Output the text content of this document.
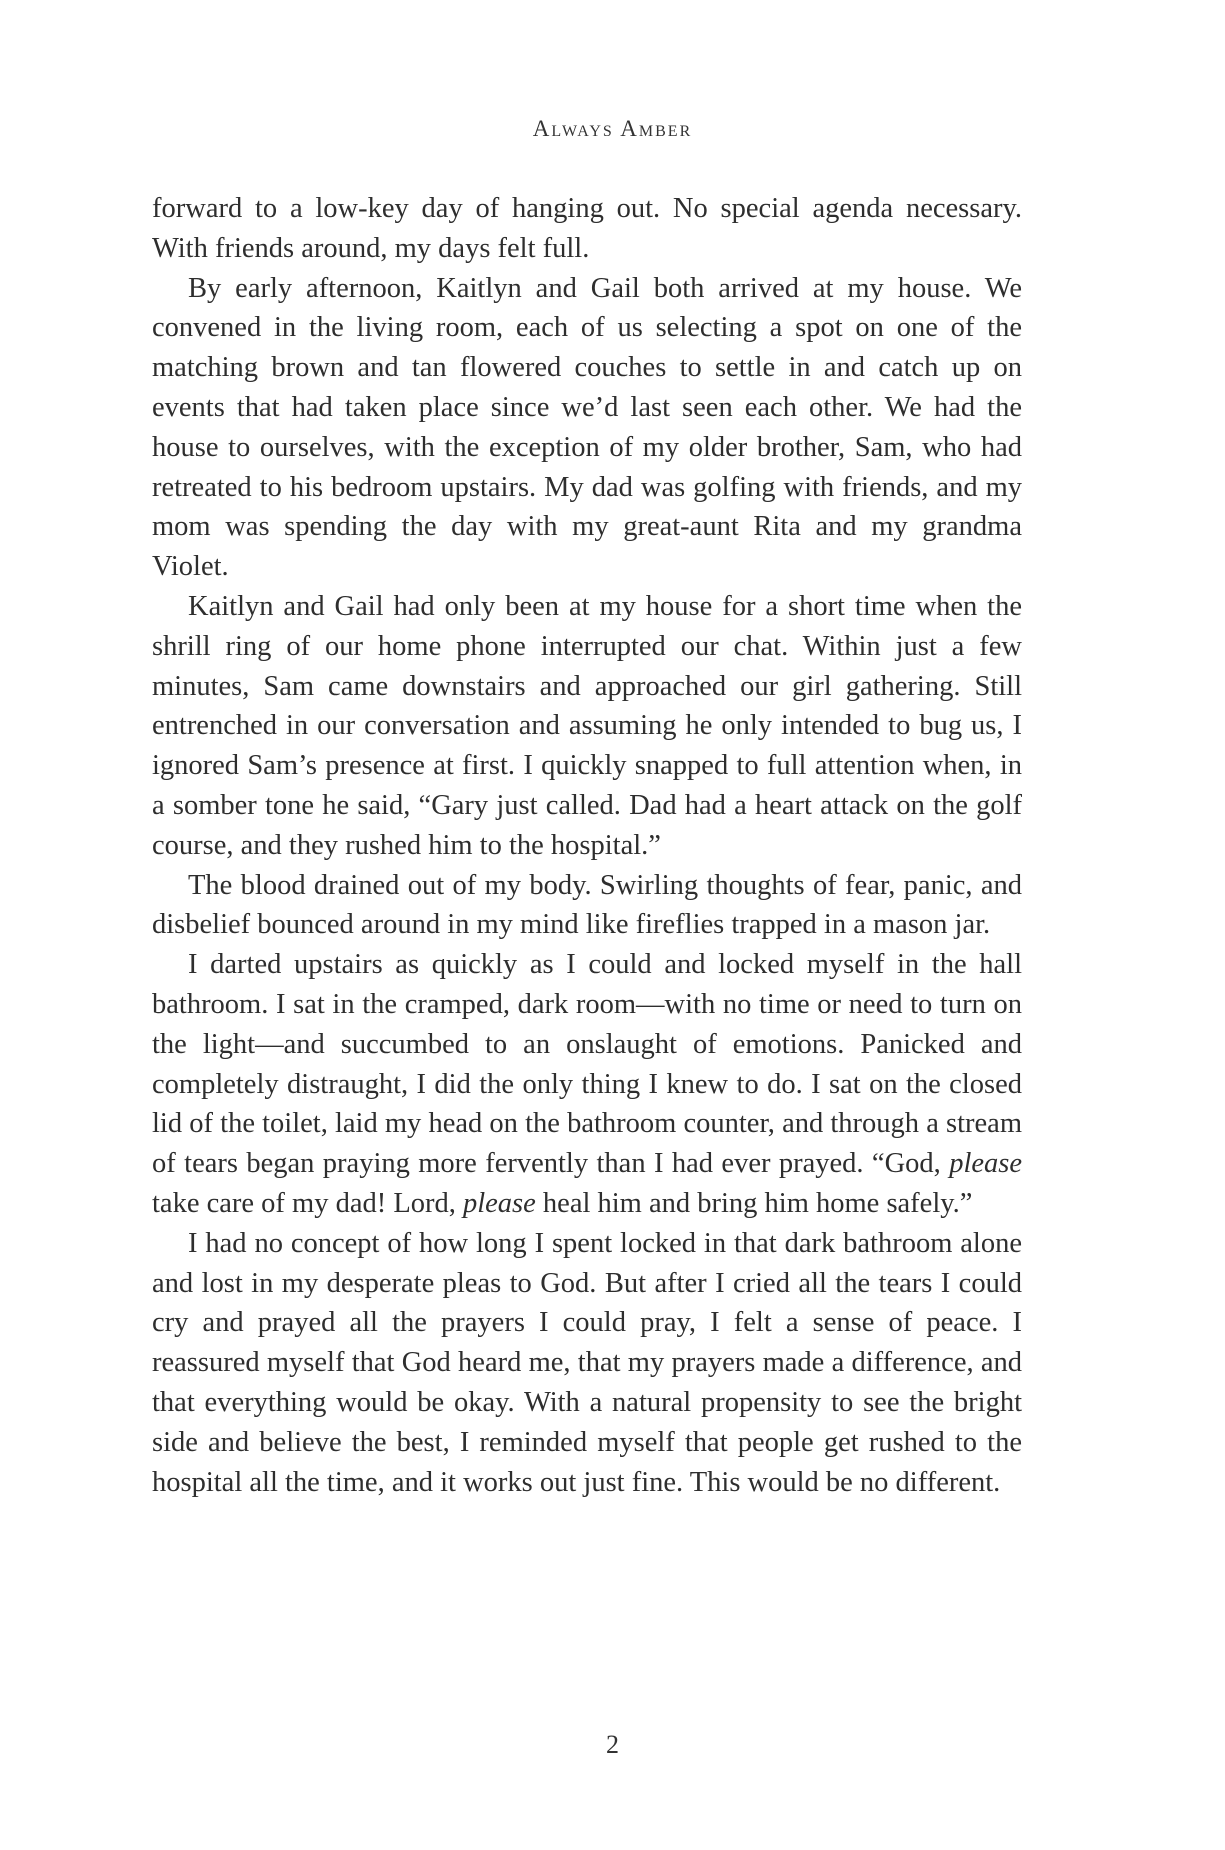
Always Amber

forward to a low-key day of hanging out. No special agenda necessary. With friends around, my days felt full.

By early afternoon, Kaitlyn and Gail both arrived at my house. We convened in the living room, each of us selecting a spot on one of the matching brown and tan flowered couches to settle in and catch up on events that had taken place since we’d last seen each other. We had the house to ourselves, with the exception of my older brother, Sam, who had retreated to his bedroom upstairs. My dad was golfing with friends, and my mom was spending the day with my great-aunt Rita and my grandma Violet.

Kaitlyn and Gail had only been at my house for a short time when the shrill ring of our home phone interrupted our chat. Within just a few minutes, Sam came downstairs and approached our girl gathering. Still entrenched in our conversation and assuming he only intended to bug us, I ignored Sam’s presence at first. I quickly snapped to full attention when, in a somber tone he said, “Gary just called. Dad had a heart attack on the golf course, and they rushed him to the hospital.”

The blood drained out of my body. Swirling thoughts of fear, panic, and disbelief bounced around in my mind like fireflies trapped in a mason jar.

I darted upstairs as quickly as I could and locked myself in the hall bathroom. I sat in the cramped, dark room—with no time or need to turn on the light—and succumbed to an onslaught of emotions. Panicked and completely distraught, I did the only thing I knew to do. I sat on the closed lid of the toilet, laid my head on the bathroom counter, and through a stream of tears began praying more fervently than I had ever prayed. “God, please take care of my dad! Lord, please heal him and bring him home safely.”

I had no concept of how long I spent locked in that dark bathroom alone and lost in my desperate pleas to God. But after I cried all the tears I could cry and prayed all the prayers I could pray, I felt a sense of peace. I reassured myself that God heard me, that my prayers made a difference, and that everything would be okay. With a natural propensity to see the bright side and believe the best, I reminded myself that people get rushed to the hospital all the time, and it works out just fine. This would be no different.

2
